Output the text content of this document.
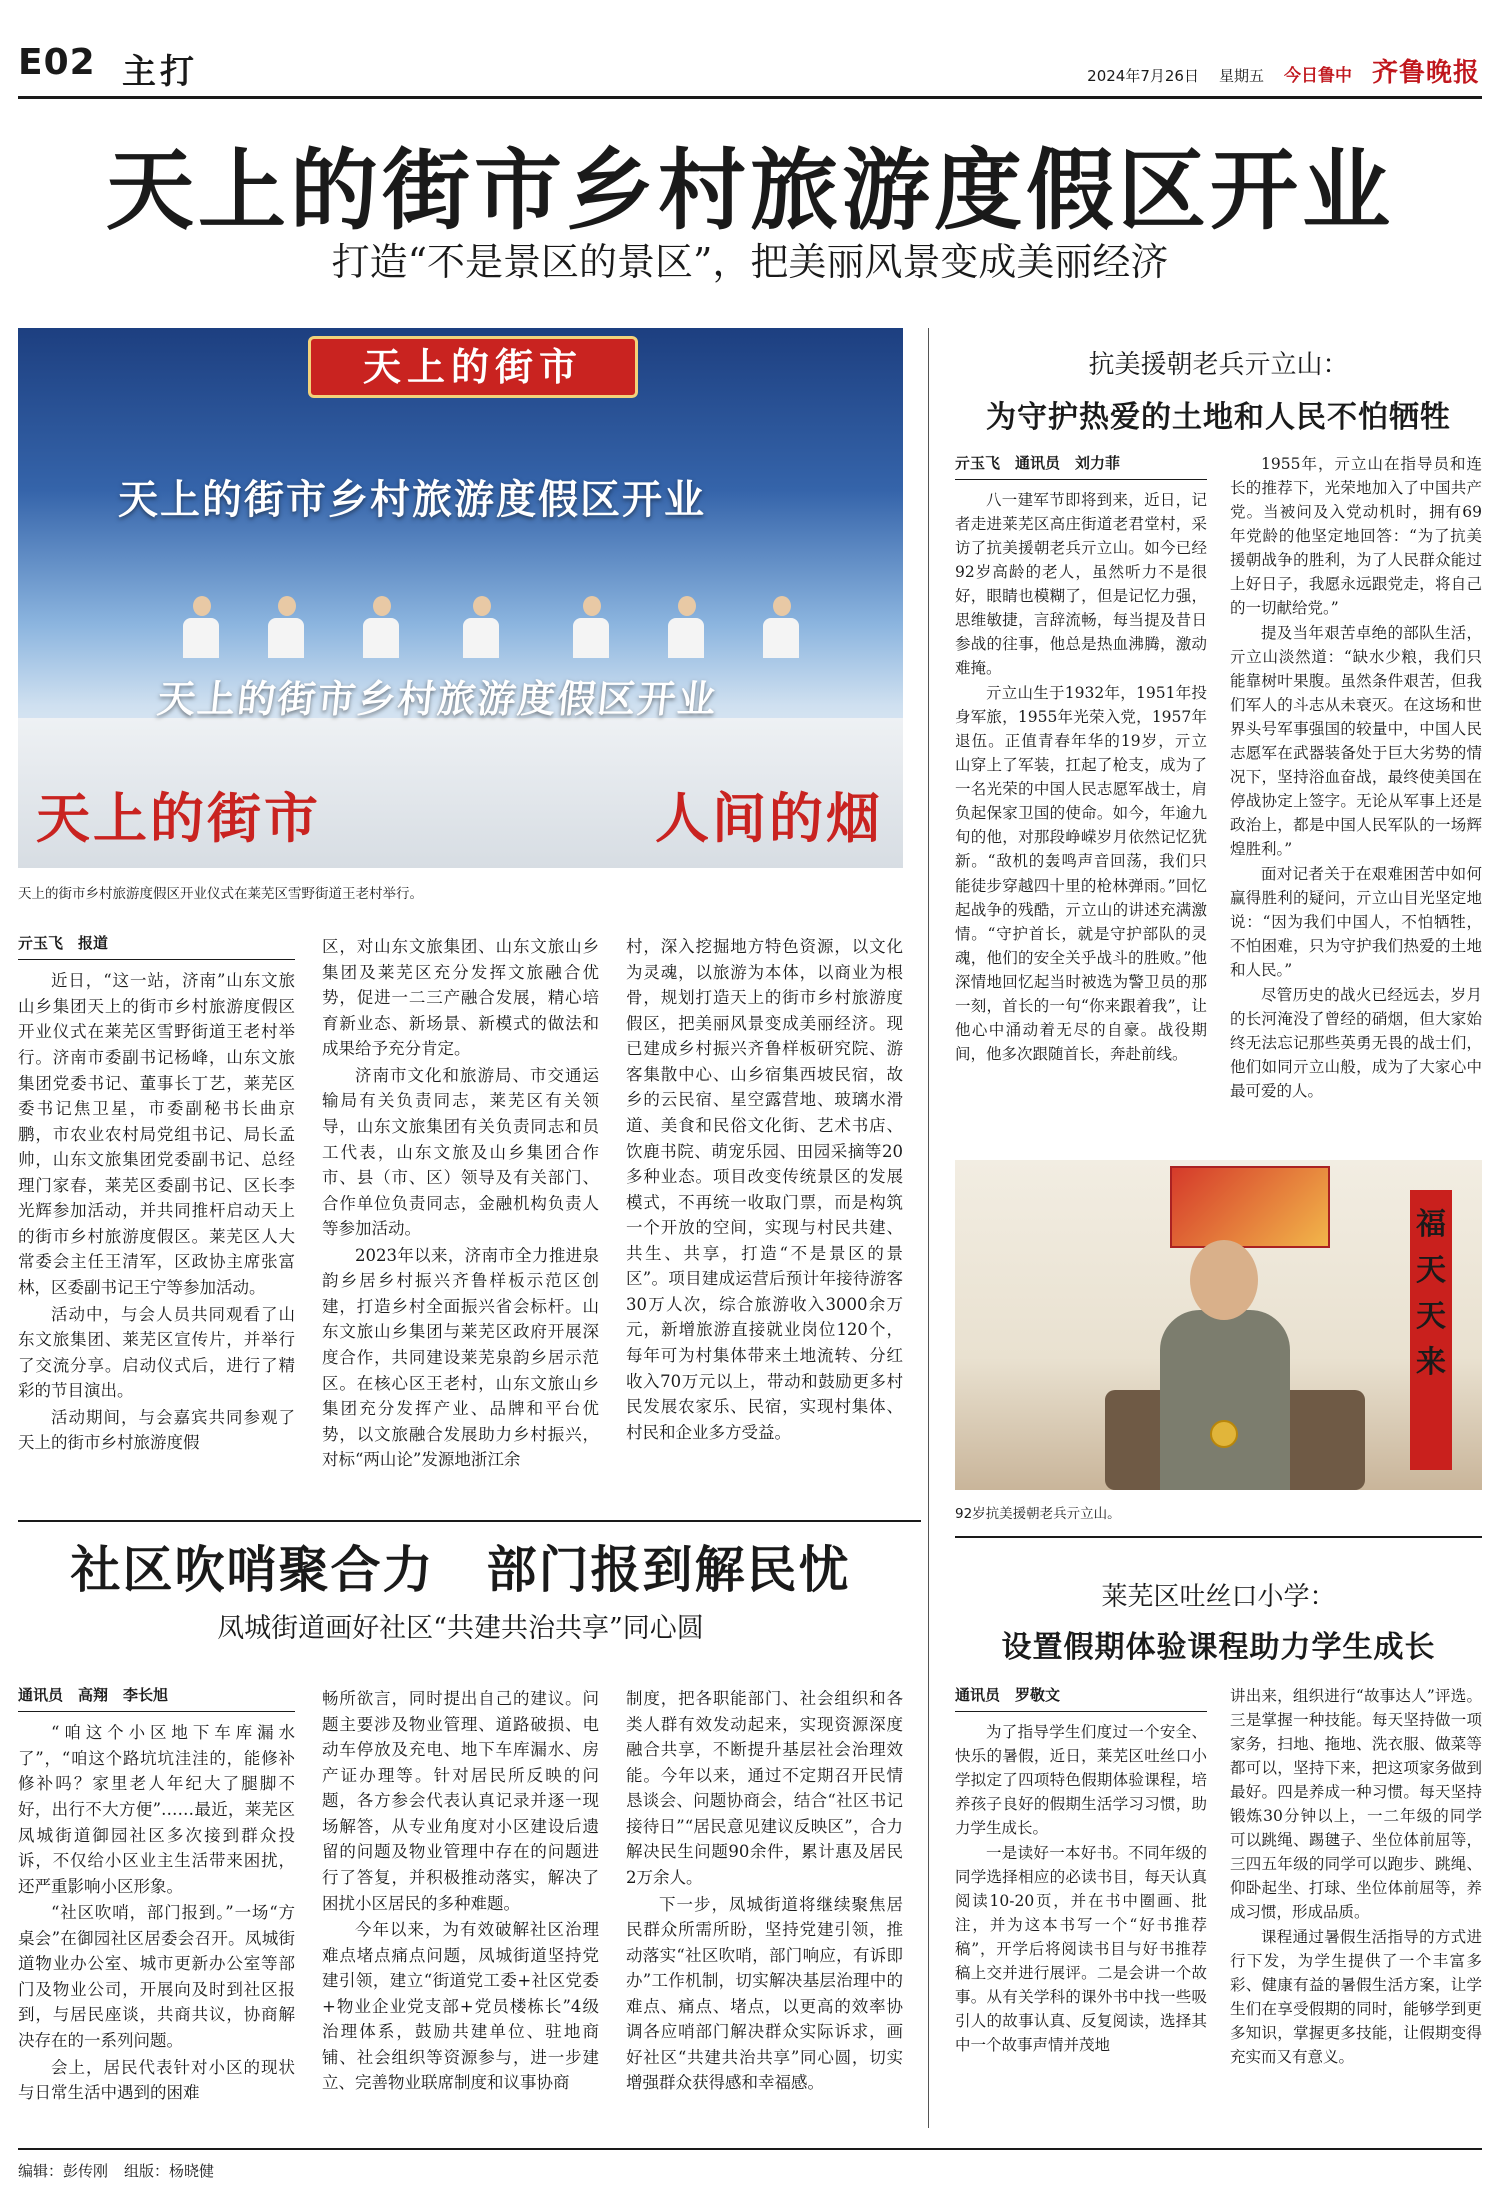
E02 主打	2024年7月26日 星期五 今日鲁中 齐鲁晚报
天上的街市乡村旅游度假区开业
打造“不是景区的景区”，把美丽风景变成美丽经济
天上的街市
天上的街市乡村旅游度假区开业
天上的街市乡村旅游度假区开业
天上的街市	人间的烟
天上的街市乡村旅游度假区开业仪式在莱芜区雪野街道王老村举行。
亓玉飞　报道

近日，“这一站，济南”山东文旅山乡集团天上的街市乡村旅游度假区开业仪式在莱芜区雪野街道王老村举行。济南市委副书记杨峰，山东文旅集团党委书记、董事长丁艺，莱芜区委书记焦卫星，市委副秘书长曲京鹏，市农业农村局党组书记、局长孟帅，山东文旅集团党委副书记、总经理门家春，莱芜区委副书记、区长李光辉参加活动，并共同推杆启动天上的街市乡村旅游度假区。莱芜区人大常委会主任王清军，区政协主席张富林，区委副书记王宁等参加活动。

活动中，与会人员共同观看了山东文旅集团、莱芜区宣传片，并举行了交流分享。启动仪式后，进行了精彩的节目演出。

活动期间，与会嘉宾共同参观了天上的街市乡村旅游度假

区，对山东文旅集团、山东文旅山乡集团及莱芜区充分发挥文旅融合优势，促进一二三产融合发展，精心培育新业态、新场景、新模式的做法和成果给予充分肯定。

济南市文化和旅游局、市交通运输局有关负责同志，莱芜区有关领导，山东文旅集团有关负责同志和员工代表，山东文旅及山乡集团合作市、县（市、区）领导及有关部门、合作单位负责同志，金融机构负责人等参加活动。

2023年以来，济南市全力推进泉韵乡居乡村振兴齐鲁样板示范区创建，打造乡村全面振兴省会标杆。山东文旅山乡集团与莱芜区政府开展深度合作，共同建设莱芜泉韵乡居示范区。在核心区王老村，山东文旅山乡集团充分发挥产业、品牌和平台优势，以文旅融合发展助力乡村振兴，对标“两山论”发源地浙江余

村，深入挖掘地方特色资源，以文化为灵魂，以旅游为本体，以商业为根骨，规划打造天上的街市乡村旅游度假区，把美丽风景变成美丽经济。现已建成乡村振兴齐鲁样板研究院、游客集散中心、山乡宿集西坡民宿，故乡的云民宿、星空露营地、玻璃水滑道、美食和民俗文化街、艺术书店、饮鹿书院、萌宠乐园、田园采摘等20多种业态。项目改变传统景区的发展模式，不再统一收取门票，而是构筑一个开放的空间，实现与村民共建、共生、共享，打造“不是景区的景区”。项目建成运营后预计年接待游客30万人次，综合旅游收入3000余万元，新增旅游直接就业岗位120个，每年可为村集体带来土地流转、分红收入70万元以上，带动和鼓励更多村民发展农家乐、民宿，实现村集体、村民和企业多方受益。

抗美援朝老兵亓立山：
为守护热爱的土地和人民不怕牺牲
亓玉飞　通讯员　刘力菲

八一建军节即将到来，近日，记者走进莱芜区高庄街道老君堂村，采访了抗美援朝老兵亓立山。如今已经92岁高龄的老人，虽然听力不是很好，眼睛也模糊了，但是记忆力强，思维敏捷，言辞流畅，每当提及昔日参战的往事，他总是热血沸腾，激动难掩。

亓立山生于1932年，1951年投身军旅，1955年光荣入党，1957年退伍。正值青春年华的19岁，亓立山穿上了军装，扛起了枪支，成为了一名光荣的中国人民志愿军战士，肩负起保家卫国的使命。如今，年逾九旬的他，对那段峥嵘岁月依然记忆犹新。“敌机的轰鸣声音回荡，我们只能徒步穿越四十里的枪林弹雨。”回忆起战争的残酷，亓立山的讲述充满激情。“守护首长，就是守护部队的灵魂，他们的安全关乎战斗的胜败。”他深情地回忆起当时被选为警卫员的那一刻，首长的一句“你来跟着我”，让他心中涌动着无尽的自豪。战役期间，他多次跟随首长，奔赴前线。

1955年，亓立山在指导员和连长的推荐下，光荣地加入了中国共产党。当被问及入党动机时，拥有69年党龄的他坚定地回答：“为了抗美援朝战争的胜利，为了人民群众能过上好日子，我愿永远跟党走，将自己的一切献给党。”

提及当年艰苦卓绝的部队生活，亓立山淡然道：“缺水少粮，我们只能靠树叶果腹。虽然条件艰苦，但我们军人的斗志从未衰灭。在这场和世界头号军事强国的较量中，中国人民志愿军在武器装备处于巨大劣势的情况下，坚持浴血奋战，最终使美国在停战协定上签字。无论从军事上还是政治上，都是中国人民军队的一场辉煌胜利。”

面对记者关于在艰难困苦中如何赢得胜利的疑问，亓立山目光坚定地说：“因为我们中国人，不怕牺牲，不怕困难，只为守护我们热爱的土地和人民。”

尽管历史的战火已经远去，岁月的长河淹没了曾经的硝烟，但大家始终无法忘记那些英勇无畏的战士们，他们如同亓立山般，成为了大家心中最可爱的人。

福天天来
92岁抗美援朝老兵亓立山。
社区吹哨聚合力　部门报到解民忧
凤城街道画好社区“共建共治共享”同心圆
通讯员　高翔　李长旭

“咱这个小区地下车库漏水了”，“咱这个路坑坑洼洼的，能修补修补吗？家里老人年纪大了腿脚不好，出行不大方便”……最近，莱芜区凤城街道御园社区多次接到群众投诉，不仅给小区业主生活带来困扰，还严重影响小区形象。

“社区吹哨，部门报到。”一场“方桌会”在御园社区居委会召开。凤城街道物业办公室、城市更新办公室等部门及物业公司，开展向及时到社区报到，与居民座谈，共商共议，协商解决存在的一系列问题。

会上，居民代表针对小区的现状与日常生活中遇到的困难

畅所欲言，同时提出自己的建议。问题主要涉及物业管理、道路破损、电动车停放及充电、地下车库漏水、房产证办理等。针对居民所反映的问题，各方参会代表认真记录并逐一现场解答，从专业角度对小区建设后遗留的问题及物业管理中存在的问题进行了答复，并积极推动落实，解决了困扰小区居民的多种难题。

今年以来，为有效破解社区治理难点堵点痛点问题，凤城街道坚持党建引领，建立“街道党工委+社区党委+物业企业党支部+党员楼栋长”4级治理体系，鼓励共建单位、驻地商铺、社会组织等资源参与，进一步建立、完善物业联席制度和议事协商

制度，把各职能部门、社会组织和各类人群有效发动起来，实现资源深度融合共享，不断提升基层社会治理效能。今年以来，通过不定期召开民情恳谈会、问题协商会，结合“社区书记接待日”“居民意见建议反映区”，合力解决民生问题90余件，累计惠及居民2万余人。

下一步，凤城街道将继续聚焦居民群众所需所盼，坚持党建引领，推动落实“社区吹哨，部门响应，有诉即办”工作机制，切实解决基层治理中的难点、痛点、堵点，以更高的效率协调各应哨部门解决群众实际诉求，画好社区“共建共治共享”同心圆，切实增强群众获得感和幸福感。

莱芜区吐丝口小学：
设置假期体验课程助力学生成长
通讯员　罗敬文

为了指导学生们度过一个安全、快乐的暑假，近日，莱芜区吐丝口小学拟定了四项特色假期体验课程，培养孩子良好的假期生活学习习惯，助力学生成长。

一是读好一本好书。不同年级的同学选择相应的必读书目，每天认真阅读10-20页，并在书中圈画、批注，并为这本书写一个“好书推荐稿”，开学后将阅读书目与好书推荐稿上交并进行展评。二是会讲一个故事。从有关学科的课外书中找一些吸引人的故事认真、反复阅读，选择其中一个故事声情并茂地

讲出来，组织进行“故事达人”评选。三是掌握一种技能。每天坚持做一项家务，扫地、拖地、洗衣服、做菜等都可以，坚持下来，把这项家务做到最好。四是养成一种习惯。每天坚持锻炼30分钟以上，一二年级的同学可以跳绳、踢毽子、坐位体前屈等，三四五年级的同学可以跑步、跳绳、仰卧起坐、打球、坐位体前屈等，养成习惯，形成品质。

课程通过暑假生活指导的方式进行下发，为学生提供了一个丰富多彩、健康有益的暑假生活方案，让学生们在享受假期的同时，能够学到更多知识，掌握更多技能，让假期变得充实而又有意义。

编辑：彭传刚 组版：杨晓健
